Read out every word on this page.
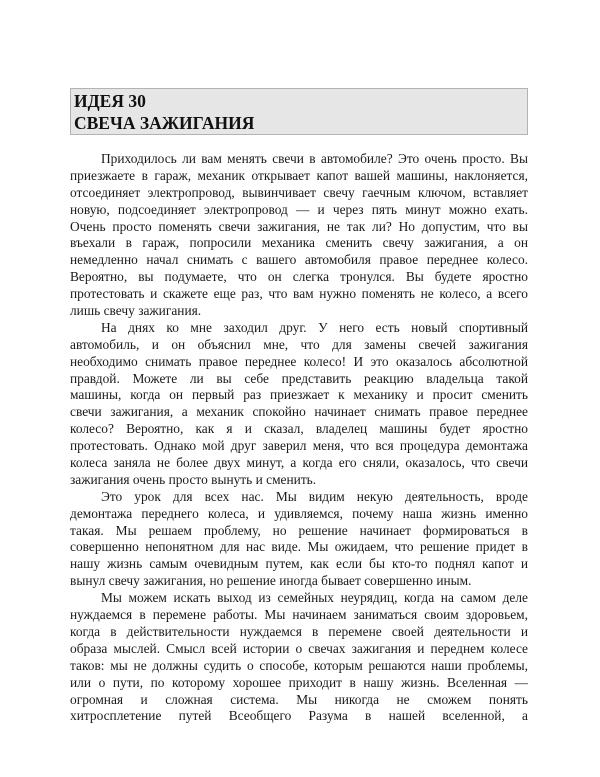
ИДЕЯ 30
СВЕЧА ЗАЖИГАНИЯ
Приходилось ли вам менять свечи в автомобиле? Это очень просто. Вы
приезжаете в гараж, механик открывает капот вашей машины, наклоняется,
отсоединяет электропровод, вывинчивает свечу гаечным ключом, вставляет
новую, подсоединяет электропровод — и через пять минут можно ехать.
Очень просто поменять свечи зажигания, не так ли? Но допустим, что вы
въехали в гараж, попросили механика сменить свечу зажигания, а он
немедленно начал снимать с вашего автомобиля правое переднее колесо.
Вероятно, вы подумаете, что он слегка тронулся. Вы будете яростно
протестовать и скажете еще раз, что вам нужно поменять не колесо, а всего
лишь свечу зажигания.
На днях ко мне заходил друг. У него есть новый спортивный
автомобиль, и он объяснил мне, что для замены свечей зажигания
необходимо снимать правое переднее колесо! И это оказалось абсолютной
правдой. Можете ли вы себе представить реакцию владельца такой
машины, когда он первый раз приезжает к механику и просит сменить
свечи зажигания, а механик спокойно начинает снимать правое переднее
колесо? Вероятно, как я и сказал, владелец машины будет яростно
протестовать. Однако мой друг заверил меня, что вся процедура демонтажа
колеса заняла не более двух минут, а когда его сняли, оказалось, что свечи
зажигания очень просто вынуть и сменить.
Это урок для всех нас. Мы видим некую деятельность, вроде
демонтажа переднего колеса, и удивляемся, почему наша жизнь именно
такая. Мы решаем проблему, но решение начинает формироваться в
совершенно непонятном для нас виде. Мы ожидаем, что решение придет в
нашу жизнь самым очевидным путем, как если бы кто-то поднял капот и
вынул свечу зажигания, но решение иногда бывает совершенно иным.
Мы можем искать выход из семейных неурядиц, когда на самом деле
нуждаемся в перемене работы. Мы начинаем заниматься своим здоровьем,
когда в действительности нуждаемся в перемене своей деятельности и
образа мыслей. Смысл всей истории о свечах зажигания и переднем колесе
таков: мы не должны судить о способе, которым решаются наши проблемы,
или о пути, по которому хорошее приходит в нашу жизнь. Вселенная —
огромная и сложная система. Мы никогда не сможем понять
хитросплетение путей Всеобщего Разума в нашей вселенной, а
